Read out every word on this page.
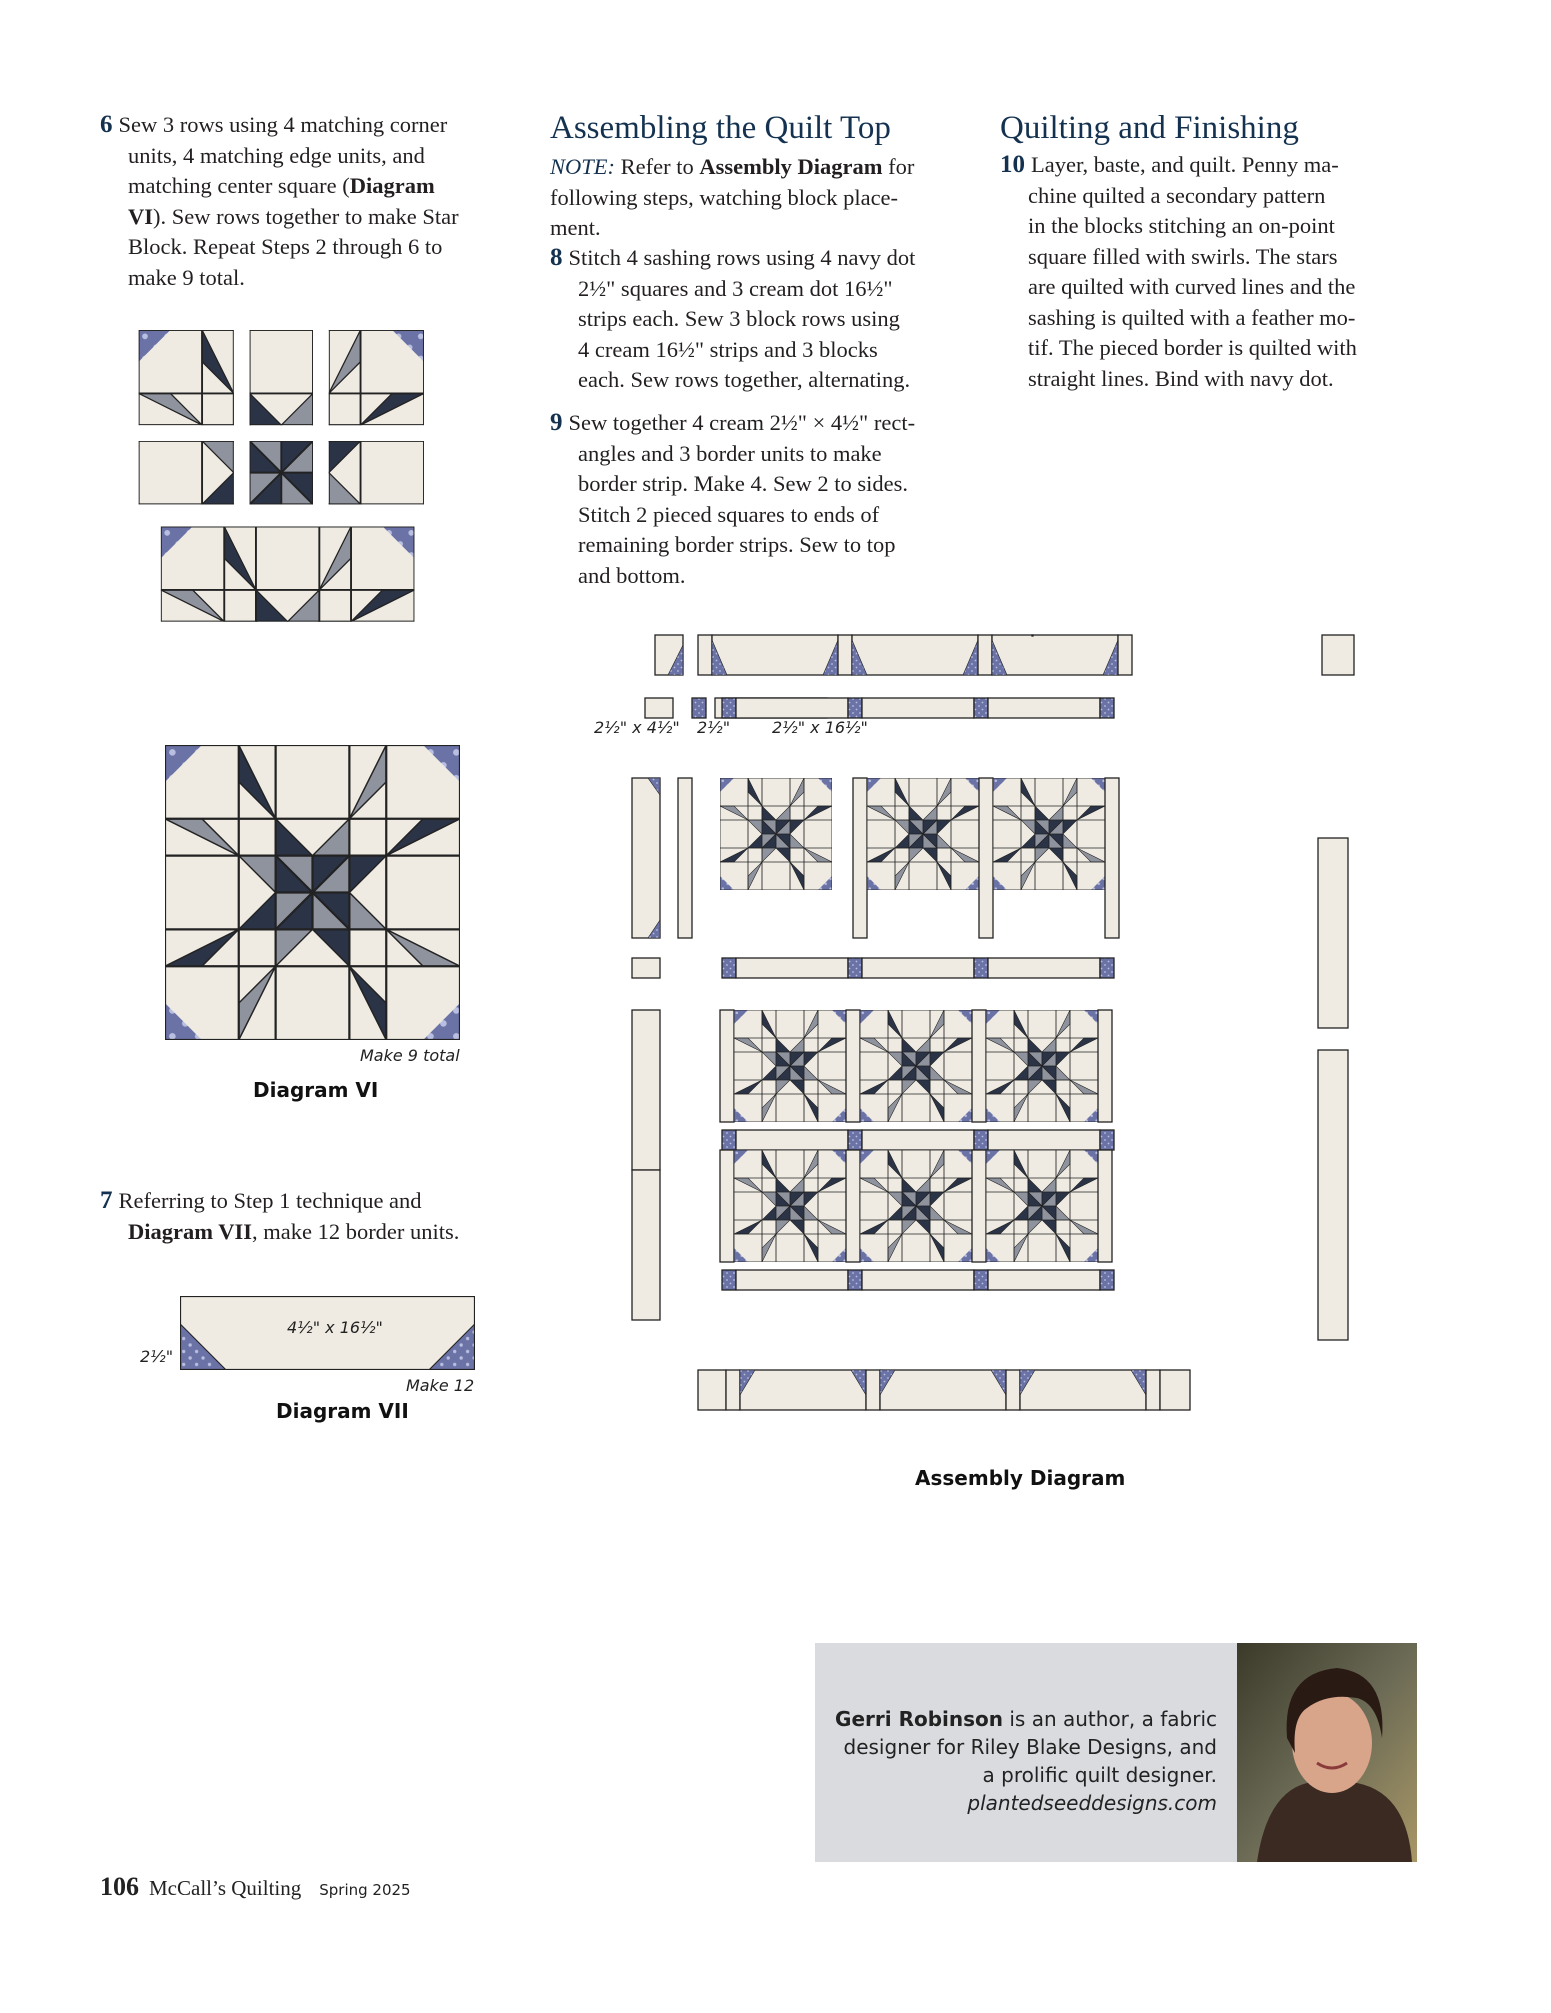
6 Sew 3 rows using 4 matching corner
units, 4 matching edge units, and
matching center square (Diagram
VI). Sew rows together to make Star
Block. Repeat Steps 2 through 6 to
make 9 total.
Make 9 total
Diagram VI
7 Referring to Step 1 technique and
Diagram VII, make 12 border units.
4½" x 16½"
2½"
Make 12
Diagram VII
Assembling the Quilt Top
NOTE: Refer to Assembly Diagram for
following steps, watching block place-
ment.
8 Stitch 4 sashing rows using 4 navy dot
2½" squares and 3 cream dot 16½"
strips each. Sew 3 block rows using
4 cream 16½" strips and 3 blocks
each. Sew rows together, alternating.
9 Sew together 4 cream 2½" × 4½" rect-
angles and 3 border units to make
border strip. Make 4. Sew 2 to sides.
Stitch 2 pieced squares to ends of
remaining border strips. Sew to top
and bottom.
Quilting and Finishing
10 Layer, baste, and quilt. Penny ma-
chine quilted a secondary pattern
in the blocks stitching an on-point
square filled with swirls. The stars
are quilted with curved lines and the
sashing is quilted with a feather mo-
tif. The pieced border is quilted with
straight lines. Bind with navy dot.
2½" x 4½" 2½"	2½" x 16½"
Assembly Diagram
Gerri Robinson is an author, a fabric
designer for Riley Blake Designs, and
a prolific quilt designer.
plantedseeddesigns.com
106 McCall’s Quilting Spring 2025
